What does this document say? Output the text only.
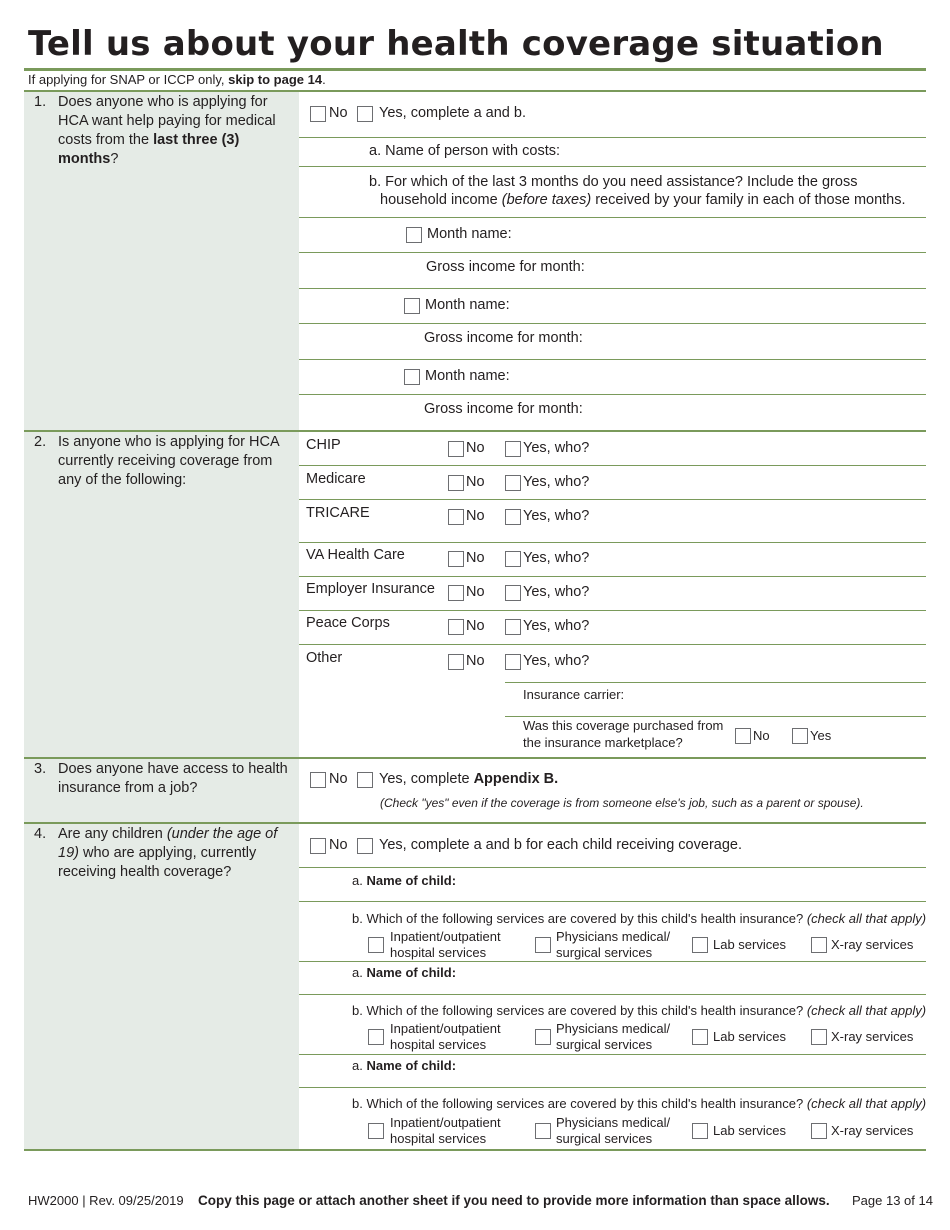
Tell us about your health coverage situation
If applying for SNAP or ICCP only, skip to page 14.
1. Does anyone who is applying for HCA want help paying for medical costs from the last three (3) months?
No Yes, complete a and b.
a. Name of person with costs:
b. For which of the last 3 months do you need assistance? Include the gross
household income (before taxes) received by your family in each of those months.
Month name:
Gross income for month:
Month name:
Gross income for month:
Month name:
Gross income for month:
2. Is anyone who is applying for HCA currently receiving coverage from any of the following:
CHIP	No	Yes, who?
Medicare	No	Yes, who?
TRICARE	No	Yes, who?
VA Health Care	No	Yes, who?
Employer Insurance No	Yes, who?
Peace Corps	No	Yes, who?
Other	No	Yes, who?
Insurance carrier:
Was this coverage purchased from
the insurance marketplace?	No	Yes
3. Does anyone have access to health insurance from a job?
No Yes, complete Appendix B.
(Check "yes" even if the coverage is from someone else's job, such as a parent or spouse).
4. Are any children (under the age of 19) who are applying, currently receiving health coverage?
No Yes, complete a and b for each child receiving coverage.
a. Name of child:
b. Which of the following services are covered by this child's health insurance? (check all that apply)
Inpatient/outpatient
hospital services
Physicians medical/
surgical services
Lab services	X-ray services
a. Name of child:
b. Which of the following services are covered by this child's health insurance? (check all that apply)
Inpatient/outpatient
hospital services
Physicians medical/
surgical services
Lab services	X-ray services
a. Name of child:
b. Which of the following services are covered by this child's health insurance? (check all that apply)
Inpatient/outpatient
hospital services
Physicians medical/
surgical services
Lab services	X-ray services
HW2000 | Rev. 09/25/2019 Copy this page or attach another sheet if you need to provide more information than space allows. Page 13 of 14
